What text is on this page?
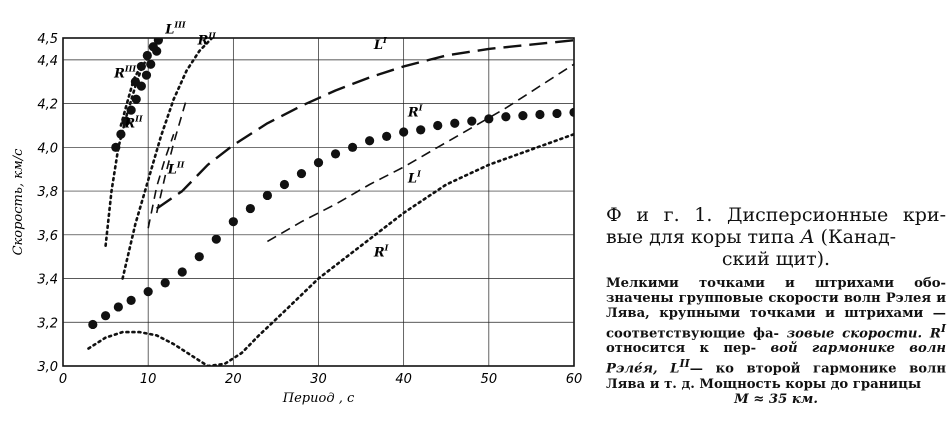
0	10	20	30	40	50	60
3,0
3,2
3,4
3,6
3,8
4,0
4,2
4,4
4,5
Период , с
Скорость, км/с
$L^{III}$
$R^{II}$
$R^{III}$
$R^{II}$
$L^{II}$
$L^I$
$R^I$
$L^I$
$R^I$
Ф и г. 1. Дисперсионные кри- вые для коры типа A (Канад-
ский щит).
Мелкими точками и штрихами обо- значены групповые скорости волн Рэлея и Лява, крупными точками и штрихами — соответствующие фа- зовые скорости. $R^I$ относится к пер- вой гармонике волн Рэле́я, $L^{II}—$ ко второй гармонике волн Лява и т. д. Мощность коры до границы
M ≈ 35 км.
